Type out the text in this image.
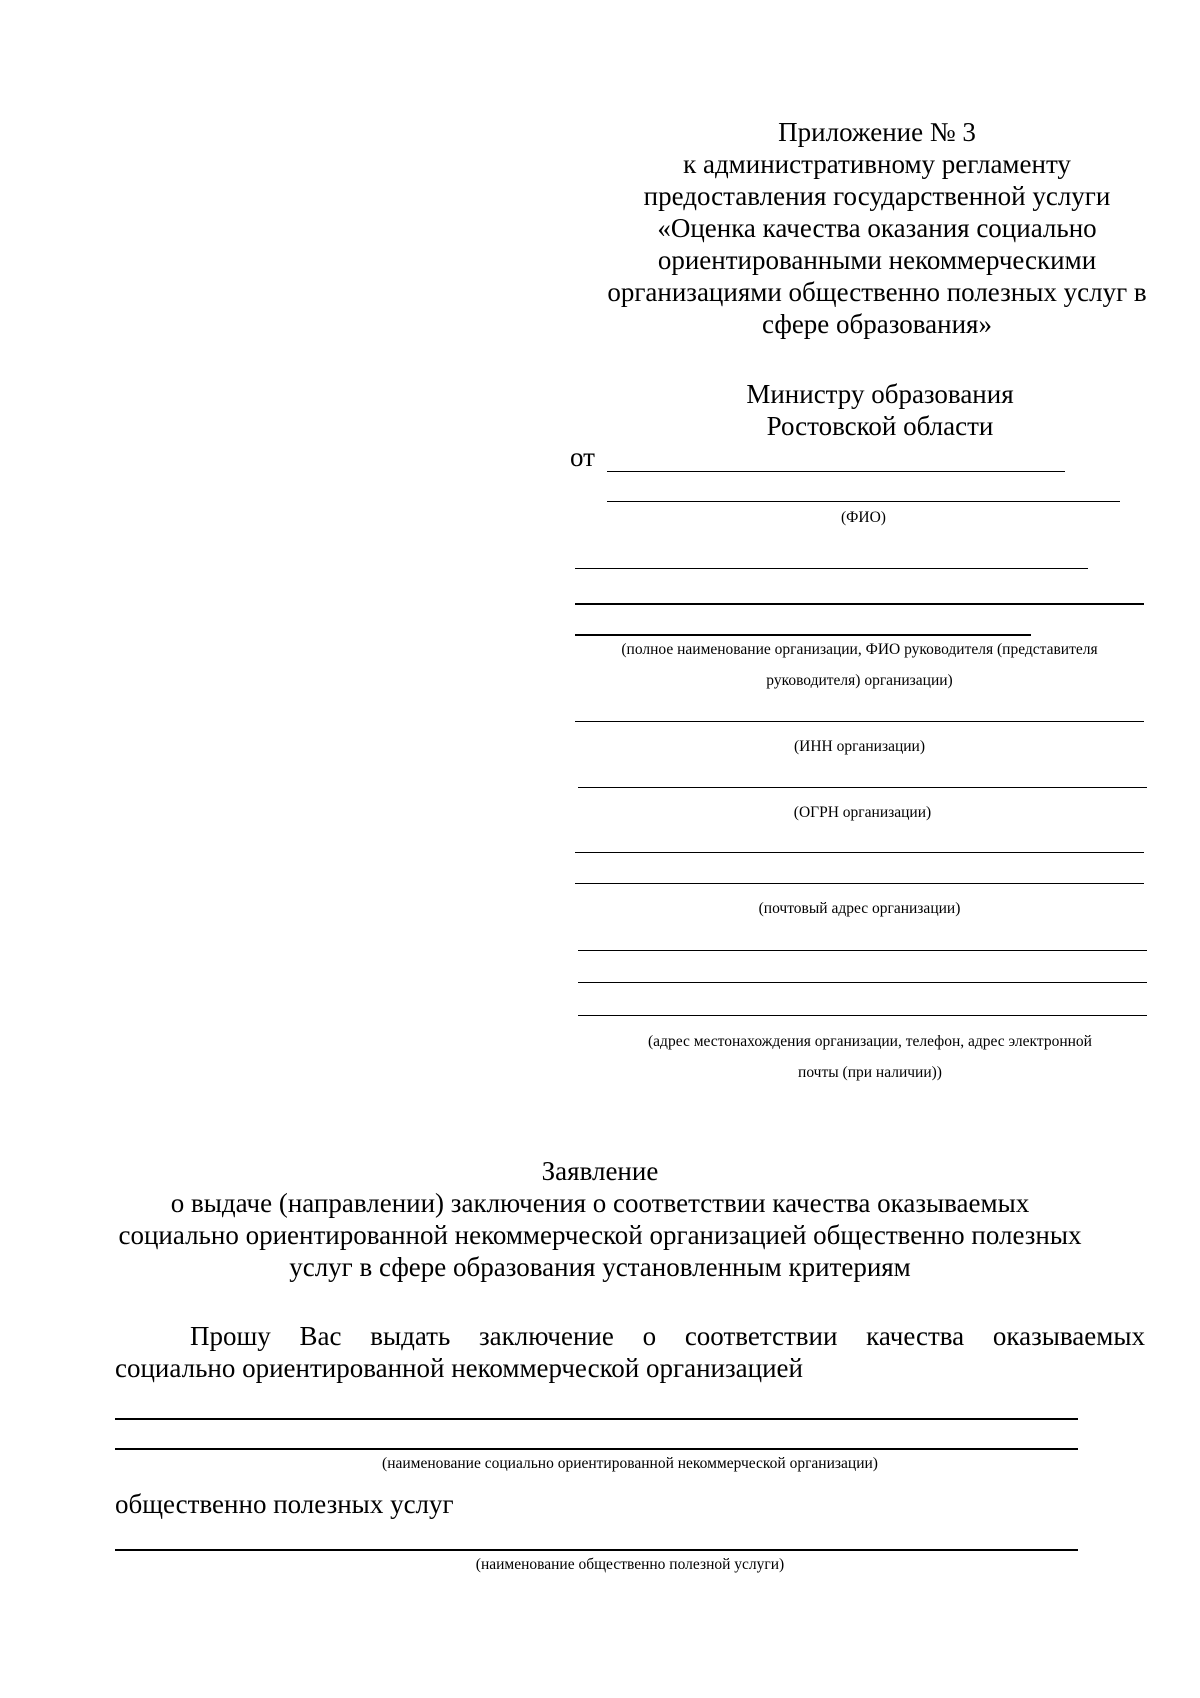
Приложение № 3
к административному регламенту
предоставления государственной услуги
«Оценка качества оказания социально
ориентированными некоммерческими
организациями общественно полезных услуг в
сфере образования»
Министру образования
Ростовской области
от
(ФИО)
(полное наименование организации, ФИО руководителя (представителя
руководителя) организации)
(ИНН организации)
(ОГРН организации)
(почтовый адрес организации)
(адрес местонахождения организации, телефон, адрес электронной
почты (при наличии))
Заявление
о выдаче (направлении) заключения о соответствии качества оказываемых
социально ориентированной некоммерческой организацией общественно полезных
услуг в сфере образования установленным критериям
Прошу Вас выдать заключение о соответствии качества оказываемых
социально ориентированной некоммерческой организацией
(наименование социально ориентированной некоммерческой организации)
общественно полезных услуг
(наименование общественно полезной услуги)
